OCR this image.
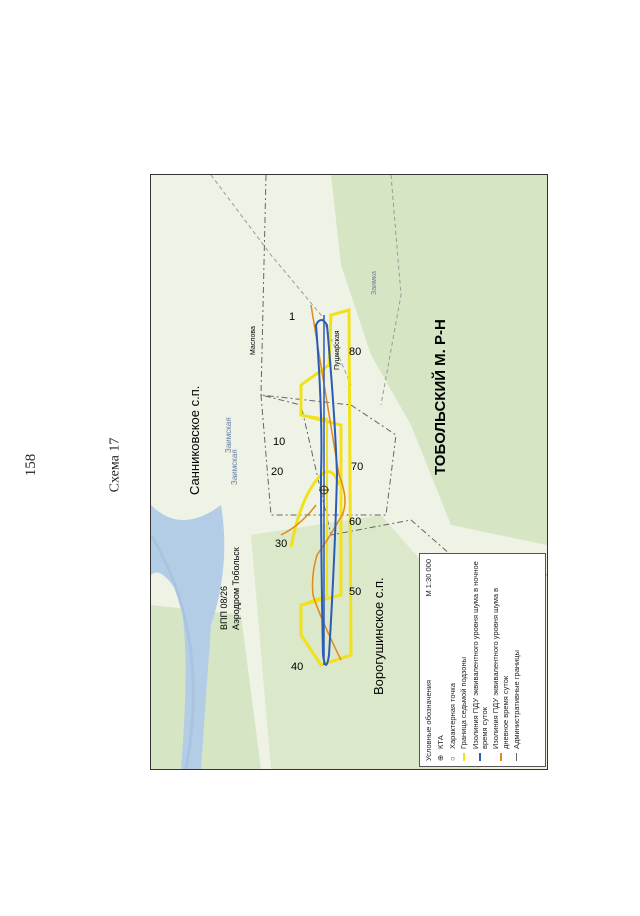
158	Схема 17
1
10
20
30
40
50
60
70
80
Санниковское с.п.
Ворогушинское с.п.
ТОБОЛЬСКИЙ М. Р-Н
ВПП 08/26 Аэродром Тобольск
Заимская
Заимская
Пушкарская
Маслова
Заимка
Условные обозначения
М 1:30 000
⊕
КТА
○
Характерная точка Граница седьмой подзоны Изолиния ПДУ эквивалентного уровня шума в ночное время суток Изолиния ПДУ эквивалентного уровня шума в дневное время суток Административные границы
